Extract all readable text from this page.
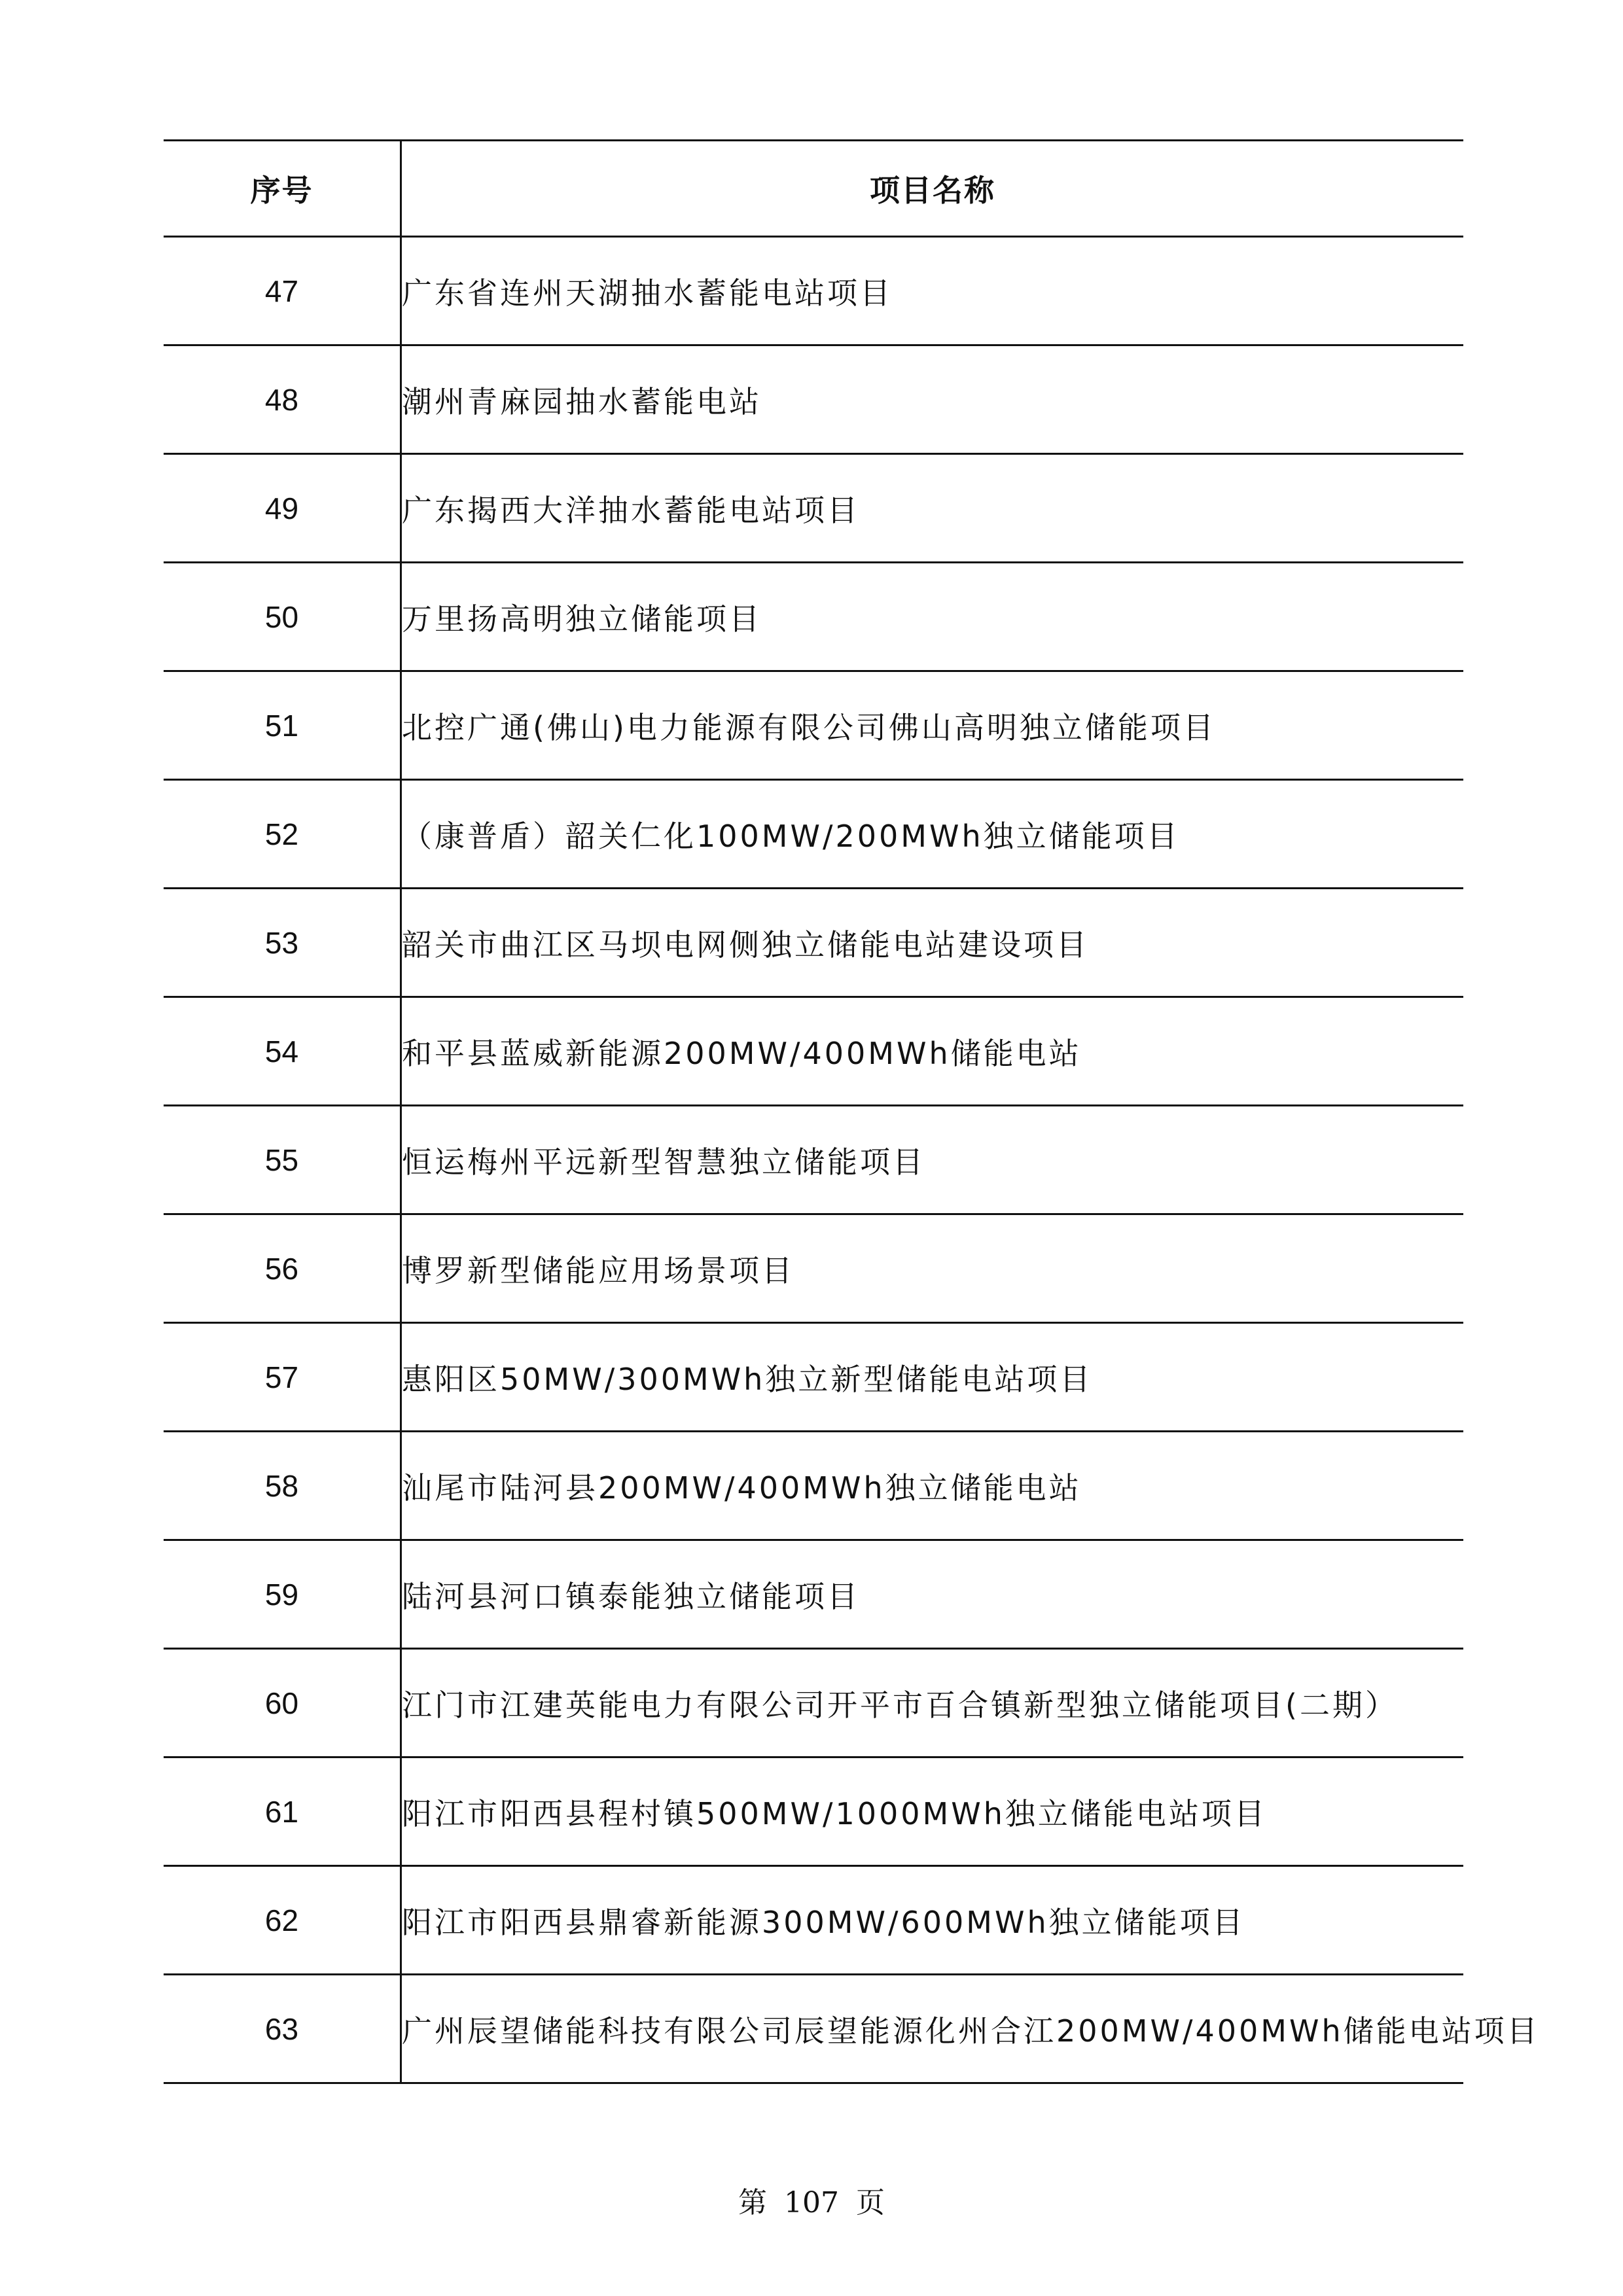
序号	项目名称
47	广东省连州天湖抽水蓄能电站项目
48	潮州青麻园抽水蓄能电站
49	广东揭西大洋抽水蓄能电站项目
50	万里扬高明独立储能项目
51	北控广通(佛山)电力能源有限公司佛山高明独立储能项目
52	（康普盾）韶关仁化100MW/200MWh独立储能项目
53	韶关市曲江区马坝电网侧独立储能电站建设项目
54	和平县蓝威新能源200MW/400MWh储能电站
55	恒运梅州平远新型智慧独立储能项目
56	博罗新型储能应用场景项目
57	惠阳区50MW/300MWh独立新型储能电站项目
58	汕尾市陆河县200MW/400MWh独立储能电站
59	陆河县河口镇泰能独立储能项目
60	江门市江建英能电力有限公司开平市百合镇新型独立储能项目(二期）
61	阳江市阳西县程村镇500MW/1000MWh独立储能电站项目
62	阳江市阳西县鼎睿新能源300MW/600MWh独立储能项目
63	广州辰望储能科技有限公司辰望能源化州合江200MW/400MWh储能电站项目
第 107 页
